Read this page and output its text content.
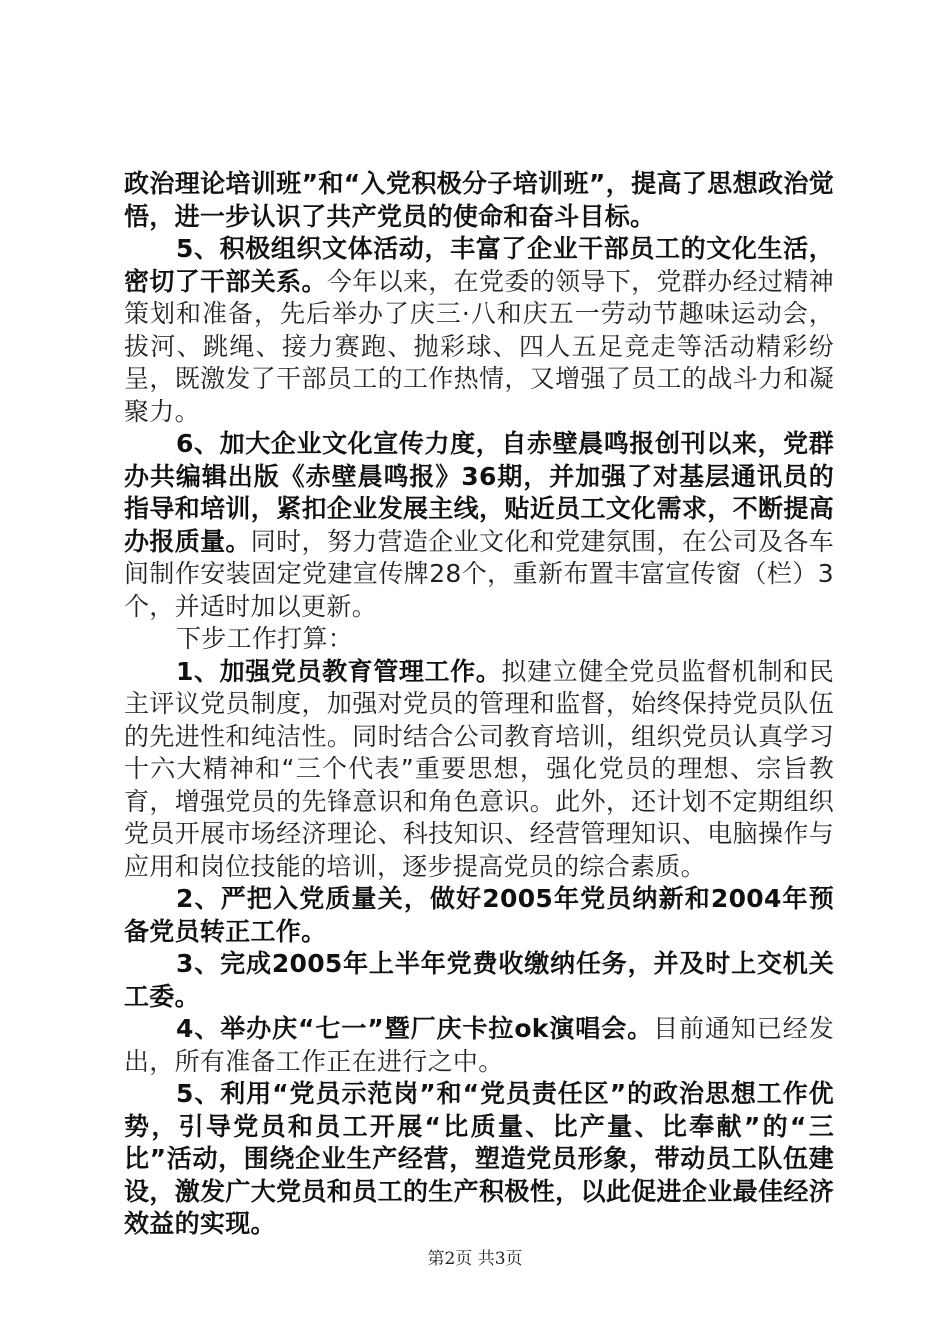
政治理论培训班”和“入党积极分子培训班”，提高了思想政治觉悟，进一步认识了共产党员的使命和奋斗目标。

5、积极组织文体活动，丰富了企业干部员工的文化生活，密切了干部关系。今年以来，在党委的领导下，党群办经过精神策划和准备，先后举办了庆三·八和庆五一劳动节趣味运动会，拔河、跳绳、接力赛跑、抛彩球、四人五足竞走等活动精彩纷呈，既激发了干部员工的工作热情，又增强了员工的战斗力和凝聚力。

6、加大企业文化宣传力度，自赤壁晨鸣报创刊以来，党群办共编辑出版《赤壁晨鸣报》36期，并加强了对基层通讯员的指导和培训，紧扣企业发展主线，贴近员工文化需求，不断提高办报质量。同时，努力营造企业文化和党建氛围，在公司及各车间制作安装固定党建宣传牌28个，重新布置丰富宣传窗（栏）3个，并适时加以更新。

下步工作打算：

1、加强党员教育管理工作。拟建立健全党员监督机制和民主评议党员制度，加强对党员的管理和监督，始终保持党员队伍的先进性和纯洁性。同时结合公司教育培训，组织党员认真学习十六大精神和“三个代表”重要思想，强化党员的理想、宗旨教育，增强党员的先锋意识和角色意识。此外，还计划不定期组织党员开展市场经济理论、科技知识、经营管理知识、电脑操作与应用和岗位技能的培训，逐步提高党员的综合素质。

2、严把入党质量关，做好2005年党员纳新和2004年预备党员转正工作。

3、完成2005年上半年党费收缴纳任务，并及时上交机关工委。

4、举办庆“七一”暨厂庆卡拉ok演唱会。目前通知已经发出，所有准备工作正在进行之中。

5、利用“党员示范岗”和“党员责任区”的政治思想工作优势，引导党员和员工开展“比质量、比产量、比奉献”的“三比”活动，围绕企业生产经营，塑造党员形象，带动员工队伍建设，激发广大党员和员工的生产积极性，以此促进企业最佳经济效益的实现。

第2页 共3页
